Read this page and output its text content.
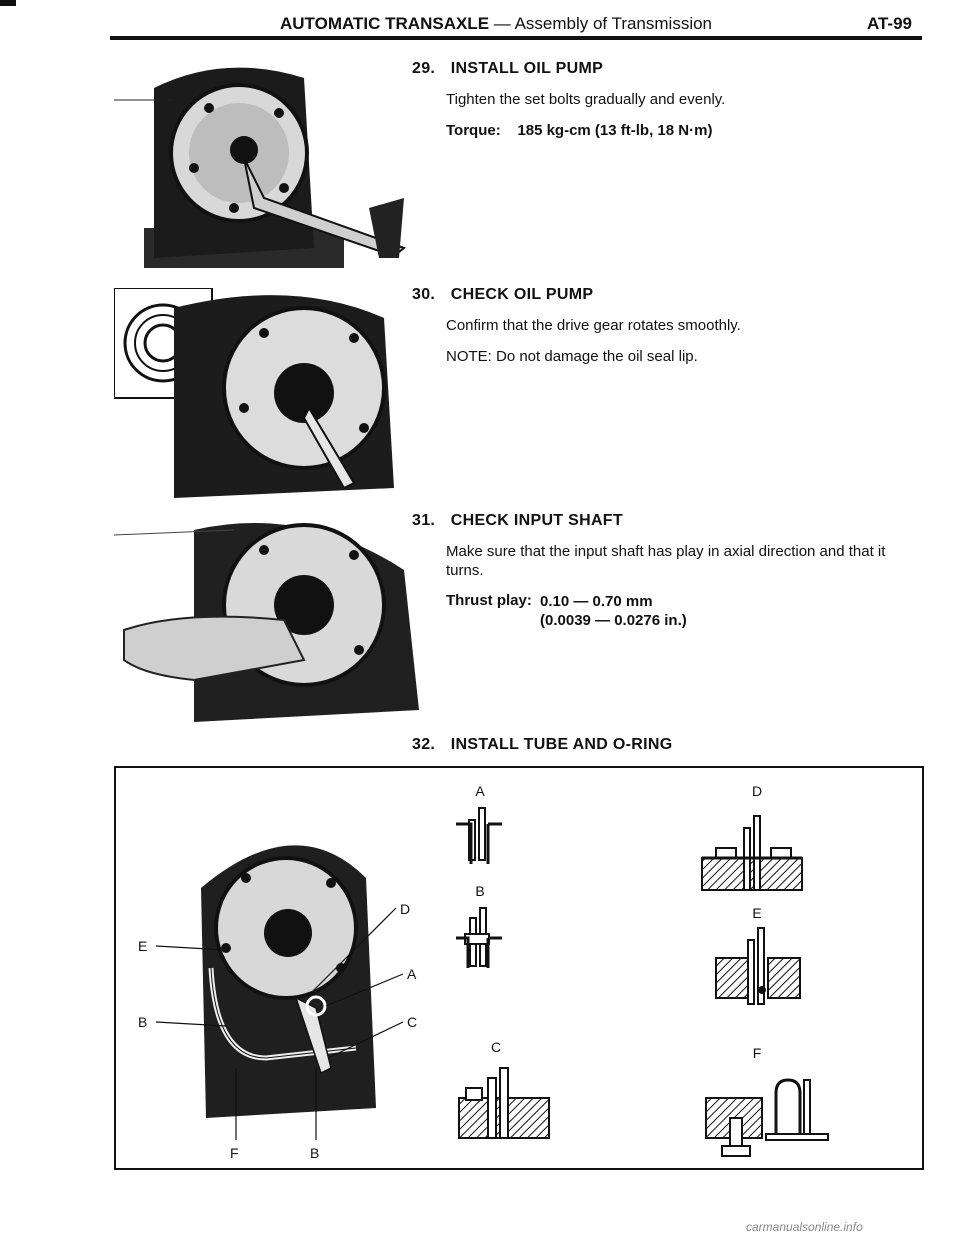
AUTOMATIC TRANSAXLE — Assembly of Transmission	AT-99
29. INSTALL OIL PUMP

Tighten the set bolts gradually and evenly.

Torque: 185 kg-cm (13 ft-lb, 18 N·m)

30. CHECK OIL PUMP

Confirm that the drive gear rotates smoothly.

NOTE: Do not damage the oil seal lip.

31. CHECK INPUT SHAFT

Make sure that the input shaft has play in axial direction and that it turns.

Thrust play: 0.10 — 0.70 mm
(0.0039 — 0.0276 in.)
32. INSTALL TUBE AND O-RING
D
E
A
B	C
F	B
A
B
C
D
E
F
carmanualsonline.info
